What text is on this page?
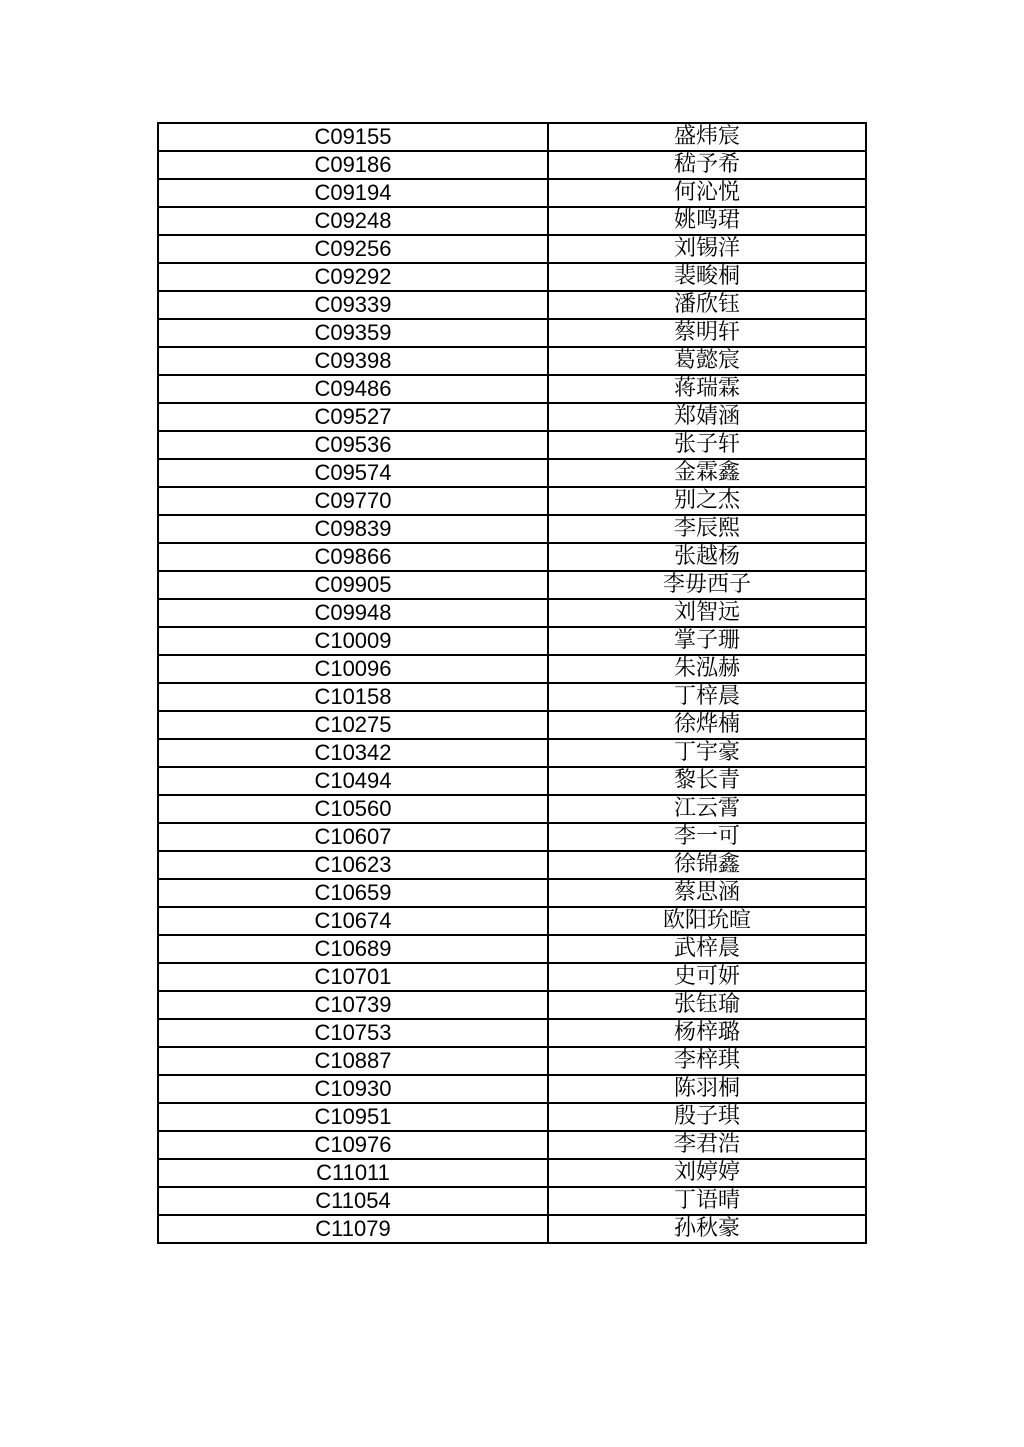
C09155	盛炜宸
C09186	嵇予希
C09194	何沁悦
C09248	姚鸣珺
C09256	刘锡洋
C09292	裴畯桐
C09339	潘欣钰
C09359	蔡明轩
C09398	葛懿宸
C09486	蒋瑞霖
C09527	郑婧涵
C09536	张子轩
C09574	金霖鑫
C09770	别之杰
C09839	李辰熙
C09866	张越杨
C09905	李毋西子
C09948	刘智远
C10009	掌子珊
C10096	朱泓赫
C10158	丁梓晨
C10275	徐烨楠
C10342	丁宇豪
C10494	黎长青
C10560	江云霄
C10607	李一可
C10623	徐锦鑫
C10659	蔡思涵
C10674	欧阳玧暄
C10689	武梓晨
C10701	史可妍
C10739	张钰瑜
C10753	杨梓璐
C10887	李梓琪
C10930	陈羽桐
C10951	殷子琪
C10976	李君浩
C11011	刘婷婷
C11054	丁语晴
C11079	孙秋豪
